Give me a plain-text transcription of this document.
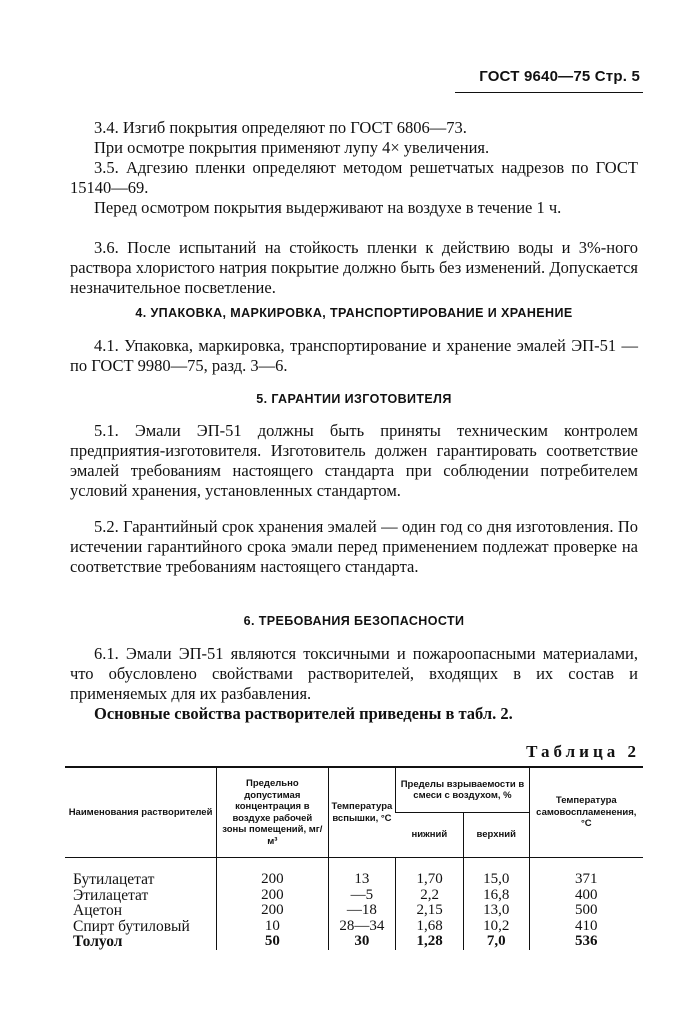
ГОСТ 9640—75 Стр. 5

3.4. Изгиб покрытия определяют по ГОСТ 6806—73.

При осмотре покрытия применяют лупу 4× увеличения.

3.5. Адгезию пленки определяют методом решетчатых надрезов по ГОСТ 15140—69.

Перед осмотром покрытия выдерживают на воздухе в течение 1 ч.

3.6. После испытаний на стойкость пленки к действию воды и 3%-ного раствора хлористого натрия покрытие должно быть без изменений. Допускается незначительное посветление.

4. УПАКОВКА, МАРКИРОВКА, ТРАНСПОРТИРОВАНИЕ И ХРАНЕНИЕ

4.1. Упаковка, маркировка, транспортирование и хранение эмалей ЭП-51 — по ГОСТ 9980—75, разд. 3—6.

5. ГАРАНТИИ ИЗГОТОВИТЕЛЯ

5.1. Эмали ЭП-51 должны быть приняты техническим контролем предприятия-изготовителя. Изготовитель должен гарантировать соответствие эмалей требованиям настоящего стандарта при соблюдении потребителем условий хранения, установленных стандартом.

5.2. Гарантийный срок хранения эмалей — один год со дня изготовления. По истечении гарантийного срока эмали перед применением подлежат проверке на соответствие требованиям настоящего стандарта.

6. ТРЕБОВАНИЯ БЕЗОПАСНОСТИ

6.1. Эмали ЭП-51 являются токсичными и пожароопасными материалами, что обусловлено свойствами растворителей, входящих в их состав и применяемых для их разбавления.

Основные свойства растворителей приведены в табл. 2.

Таблица 2
Наименования растворителей	Предельно допустимая концентрация в воздухе рабочей зоны помещений, мг/м³	Температура вспышки, °С	Пределы взрываемости в смеси с воздухом, %		Температура самовоспламенения, °С
			нижний	верхний	

Бутилацетат	200	13	1,70	15,0	371
Этилацетат	200	—5	2,2	16,8	400
Ацетон	200	—18	2,15	13,0	500
Спирт бутиловый	10	28—34	1,68	10,2	410
Толуол	50	30	1,28	7,0	536
